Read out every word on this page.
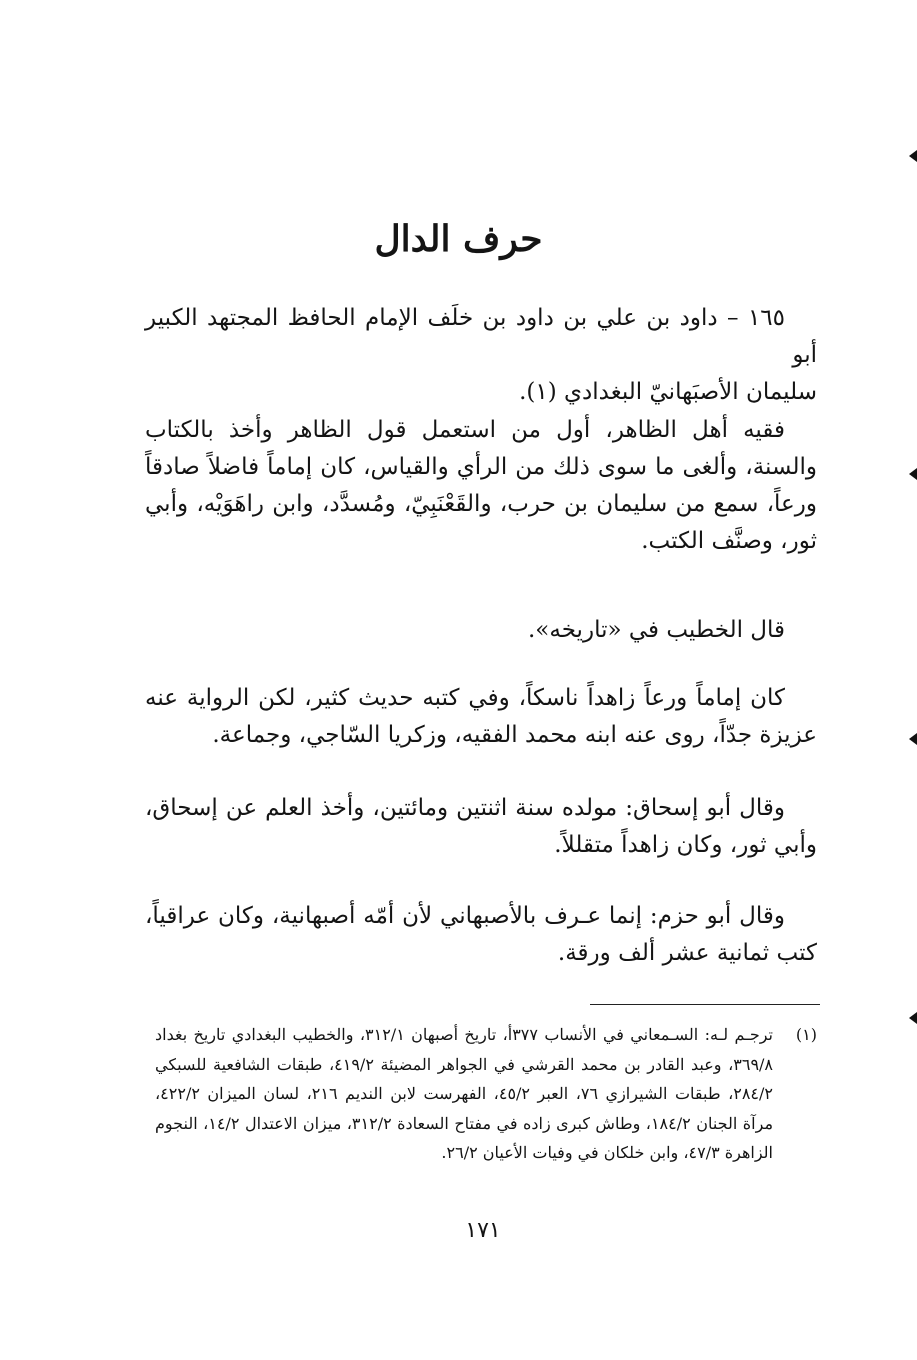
حرف الدال
١٦٥ – داود بن علي بن داود بن خلَف الإمام الحافظ المجتهد الكبير أبو
سليمان الأصبَهانيّ البغدادي (١).
فقيه أهل الظاهر، أول من استعمل قول الظاهر وأخذ بالكتاب والسنة، وألغى ما سوى ذلك من الرأي والقياس، كان إماماً فاضلاً صادقاً ورعاً، سمع من سليمان بن حرب، والقَعْنَبِيّ، ومُسدَّد، وابن راهَوَيْه، وأبي ثور، وصنَّف الكتب.
قال الخطيب في «تاريخه».
كان إماماً ورعاً زاهداً ناسكاً، وفي كتبه حديث كثير، لكن الرواية عنه عزيزة جدّاً، روى عنه ابنه محمد الفقيه، وزكريا السّاجي، وجماعة.
وقال أبو إسحاق: مولده سنة اثنتين ومائتين، وأخذ العلم عن إسحاق، وأبي ثور، وكان زاهداً متقللاً.
وقال أبو حزم: إنما عـرف بالأصبهاني لأن أمّه أصبهانية، وكان عراقياً، كتب ثمانية عشر ألف ورقة.
(١)
ترجـم لـه: السـمعاني في الأنساب ٣٧٧أ، تاريخ أصبهان ٣١٢/١، والخطيب البغدادي تاريخ بغداد ٣٦٩/٨، وعبد القادر بن محمد القرشي في الجواهر المضيئة ٤١٩/٢، طبقات الشافعية للسبكي ٢٨٤/٢، طبقات الشيرازي ٧٦، العبر ٤٥/٢، الفهرست لابن النديم ٢١٦، لسان الميزان ٤٢٢/٢، مرآة الجنان ١٨٤/٢، وطاش كبرى زاده في مفتاح السعادة ٣١٢/٢، ميزان الاعتدال ١٤/٢، النجوم الزاهرة ٤٧/٣، وابن خلكان في وفيات الأعيان ٢٦/٢.
١٧١
